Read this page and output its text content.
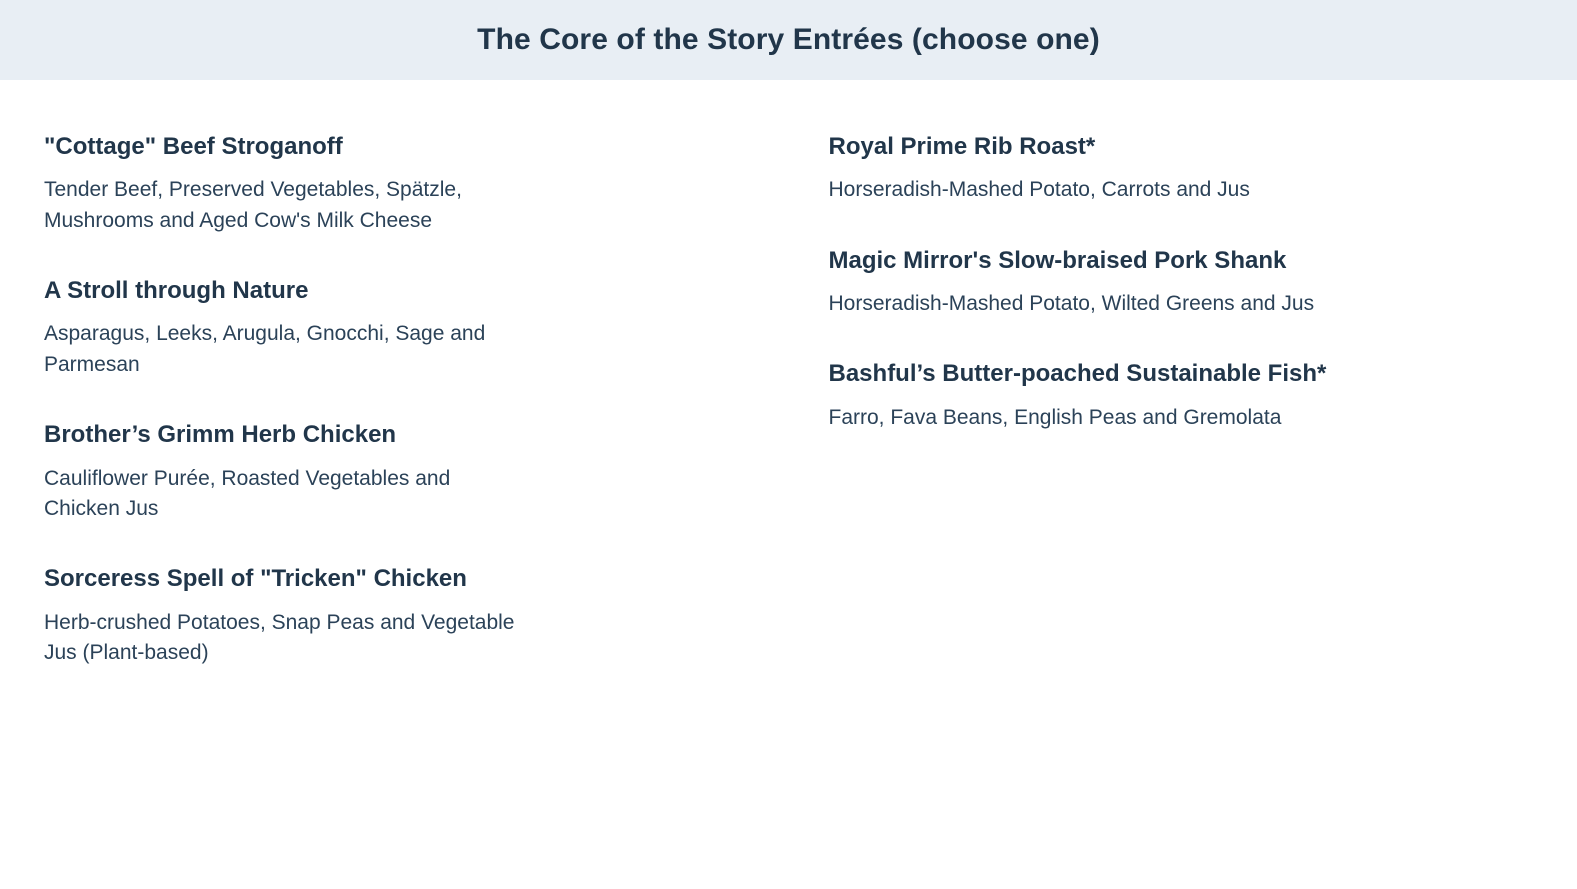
The Core of the Story Entrées (choose one)

"Cottage" Beef Stroganoff

Tender Beef, Preserved Vegetables, Spätzle, Mushrooms and Aged Cow's Milk Cheese

A Stroll through Nature

Asparagus, Leeks, Arugula, Gnocchi, Sage and Parmesan

Brother’s Grimm Herb Chicken

Cauliflower Purée, Roasted Vegetables and Chicken Jus

Sorceress Spell of "Tricken" Chicken

Herb-crushed Potatoes, Snap Peas and Vegetable Jus (Plant-based)

Royal Prime Rib Roast*

Horseradish-Mashed Potato, Carrots and Jus

Magic Mirror's Slow-braised Pork Shank

Horseradish-Mashed Potato, Wilted Greens and Jus

Bashful’s Butter-poached Sustainable Fish*

Farro, Fava Beans, English Peas and Gremolata
